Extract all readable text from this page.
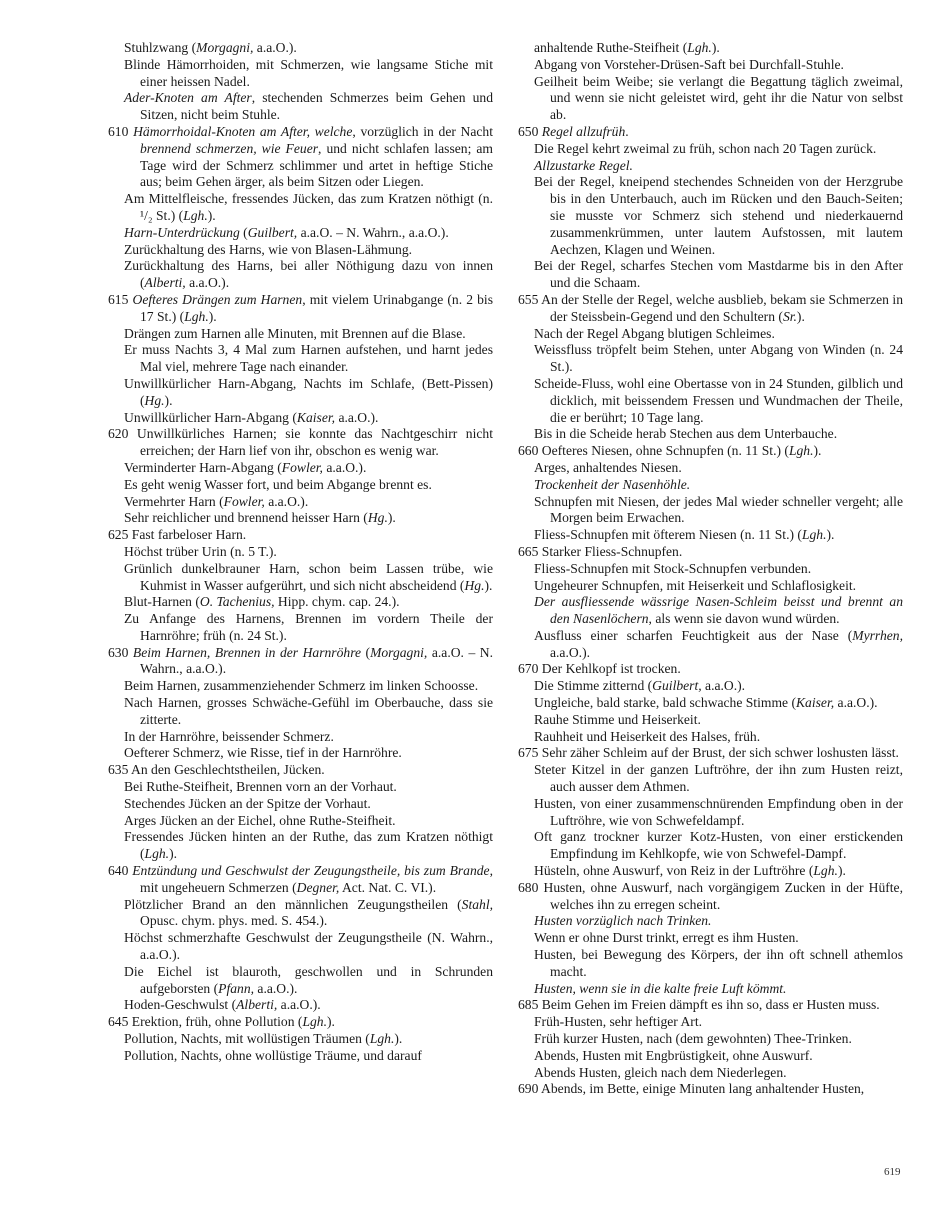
Stuhlzwang (Morgagni, a.a.O.).

Blinde Hämorrhoiden, mit Schmerzen, wie langsame Stiche mit einer heissen Nadel.

Ader-Knoten am After, stechenden Schmerzes beim Gehen und Sitzen, nicht beim Stuhle.

610 Hämorrhoidal-Knoten am After, welche, vorzüglich in der Nacht brennend schmerzen, wie Feuer, und nicht schlafen lassen; am Tage wird der Schmerz schlimmer und artet in heftige Stiche aus; beim Gehen ärger, als beim Sitzen oder Liegen.

Am Mittelfleische, fressendes Jücken, das zum Kratzen nöthigt (n. ¹/₂ St.) (Lgh.).

Harn-Unterdrückung (Guilbert, a.a.O. – N. Wahrn., a.a.O.).

Zurückhaltung des Harns, wie von Blasen-Lähmung.

Zurückhaltung des Harns, bei aller Nöthigung dazu von innen (Alberti, a.a.O.).

615 Oefteres Drängen zum Harnen, mit vielem Urinabgange (n. 2 bis 17 St.) (Lgh.).

Drängen zum Harnen alle Minuten, mit Brennen auf die Blase.

Er muss Nachts 3, 4 Mal zum Harnen aufstehen, und harnt jedes Mal viel, mehrere Tage nach einander.

Unwillkürlicher Harn-Abgang, Nachts im Schlafe, (Bett-Pissen) (Hg.).

Unwillkürlicher Harn-Abgang (Kaiser, a.a.O.).

620 Unwillkürliches Harnen; sie konnte das Nachtgeschirr nicht erreichen; der Harn lief von ihr, obschon es wenig war.

Verminderter Harn-Abgang (Fowler, a.a.O.).

Es geht wenig Wasser fort, und beim Abgange brennt es.

Vermehrter Harn (Fowler, a.a.O.).

Sehr reichlicher und brennend heisser Harn (Hg.).

625 Fast farbeloser Harn.

Höchst trüber Urin (n. 5 T.).

Grünlich dunkelbrauner Harn, schon beim Lassen trübe, wie Kuhmist in Wasser aufgerührt, und sich nicht abscheidend (Hg.).

Blut-Harnen (O. Tachenius, Hipp. chym. cap. 24.).

Zu Anfange des Harnens, Brennen im vordern Theile der Harnröhre; früh (n. 24 St.).

630 Beim Harnen, Brennen in der Harnröhre (Morgagni, a.a.O. – N. Wahrn., a.a.O.).

Beim Harnen, zusammenziehender Schmerz im linken Schoosse.

Nach Harnen, grosses Schwäche-Gefühl im Oberbauche, dass sie zitterte.

In der Harnröhre, beissender Schmerz.

Oefterer Schmerz, wie Risse, tief in der Harnröhre.

635 An den Geschlechtstheilen, Jücken.

Bei Ruthe-Steifheit, Brennen vorn an der Vorhaut.

Stechendes Jücken an der Spitze der Vorhaut.

Arges Jücken an der Eichel, ohne Ruthe-Steifheit.

Fressendes Jücken hinten an der Ruthe, das zum Kratzen nöthigt (Lgh.).

640 Entzündung und Geschwulst der Zeugungstheile, bis zum Brande, mit ungeheuern Schmerzen (Degner, Act. Nat. C. VI.).

Plötzlicher Brand an den männlichen Zeugungstheilen (Stahl, Opusc. chym. phys. med. S. 454.).

Höchst schmerzhafte Geschwulst der Zeugungstheile (N. Wahrn., a.a.O.).

Die Eichel ist blauroth, geschwollen und in Schrunden aufgeborsten (Pfann, a.a.O.).

Hoden-Geschwulst (Alberti, a.a.O.).

645 Erektion, früh, ohne Pollution (Lgh.).

Pollution, Nachts, mit wollüstigen Träumen (Lgh.).

Pollution, Nachts, ohne wollüstige Träume, und darauf

anhaltende Ruthe-Steifheit (Lgh.).

Abgang von Vorsteher-Drüsen-Saft bei Durchfall-Stuhle.

Geilheit beim Weibe; sie verlangt die Begattung täglich zweimal, und wenn sie nicht geleistet wird, geht ihr die Natur von selbst ab.

650 Regel allzufrüh.

Die Regel kehrt zweimal zu früh, schon nach 20 Tagen zurück.

Allzustarke Regel.

Bei der Regel, kneipend stechendes Schneiden von der Herzgrube bis in den Unterbauch, auch im Rücken und den Bauch-Seiten; sie musste vor Schmerz sich stehend und niederkauernd zusammenkrümmen, unter lautem Aufstossen, mit lautem Aechzen, Klagen und Weinen.

Bei der Regel, scharfes Stechen vom Mastdarme bis in den After und die Schaam.

655 An der Stelle der Regel, welche ausblieb, bekam sie Schmerzen in der Steissbein-Gegend und den Schultern (Sr.).

Nach der Regel Abgang blutigen Schleimes.

Weissfluss tröpfelt beim Stehen, unter Abgang von Winden (n. 24 St.).

Scheide-Fluss, wohl eine Obertasse von in 24 Stunden, gilblich und dicklich, mit beissendem Fressen und Wundmachen der Theile, die er berührt; 10 Tage lang.

Bis in die Scheide herab Stechen aus dem Unterbauche.

660 Oefteres Niesen, ohne Schnupfen (n. 11 St.) (Lgh.).

Arges, anhaltendes Niesen.

Trockenheit der Nasenhöhle.

Schnupfen mit Niesen, der jedes Mal wieder schneller vergeht; alle Morgen beim Erwachen.

Fliess-Schnupfen mit öfterem Niesen (n. 11 St.) (Lgh.).

665 Starker Fliess-Schnupfen.

Fliess-Schnupfen mit Stock-Schnupfen verbunden.

Ungeheurer Schnupfen, mit Heiserkeit und Schlaflosigkeit.

Der ausfliessende wässrige Nasen-Schleim beisst und brennt an den Nasenlöchern, als wenn sie davon wund würden.

Ausfluss einer scharfen Feuchtigkeit aus der Nase (Myrrhen, a.a.O.).

670 Der Kehlkopf ist trocken.

Die Stimme zitternd (Guilbert, a.a.O.).

Ungleiche, bald starke, bald schwache Stimme (Kaiser, a.a.O.).

Rauhe Stimme und Heiserkeit.

Rauhheit und Heiserkeit des Halses, früh.

675 Sehr zäher Schleim auf der Brust, der sich schwer loshusten lässt.

Steter Kitzel in der ganzen Luftröhre, der ihn zum Husten reizt, auch ausser dem Athmen.

Husten, von einer zusammenschnürenden Empfindung oben in der Luftröhre, wie von Schwefeldampf.

Oft ganz trockner kurzer Kotz-Husten, von einer erstickenden Empfindung im Kehlkopfe, wie von Schwefel-Dampf.

Hüsteln, ohne Auswurf, von Reiz in der Luftröhre (Lgh.).

680 Husten, ohne Auswurf, nach vorgängigem Zucken in der Hüfte, welches ihn zu erregen scheint.

Husten vorzüglich nach Trinken.

Wenn er ohne Durst trinkt, erregt es ihm Husten.

Husten, bei Bewegung des Körpers, der ihn oft schnell athemlos macht.

Husten, wenn sie in die kalte freie Luft kömmt.

685 Beim Gehen im Freien dämpft es ihn so, dass er Husten muss.

Früh-Husten, sehr heftiger Art.

Früh kurzer Husten, nach (dem gewohnten) Thee-Trinken.

Abends, Husten mit Engbrüstigkeit, ohne Auswurf.

Abends Husten, gleich nach dem Niederlegen.

690 Abends, im Bette, einige Minuten lang anhaltender Husten,

619
